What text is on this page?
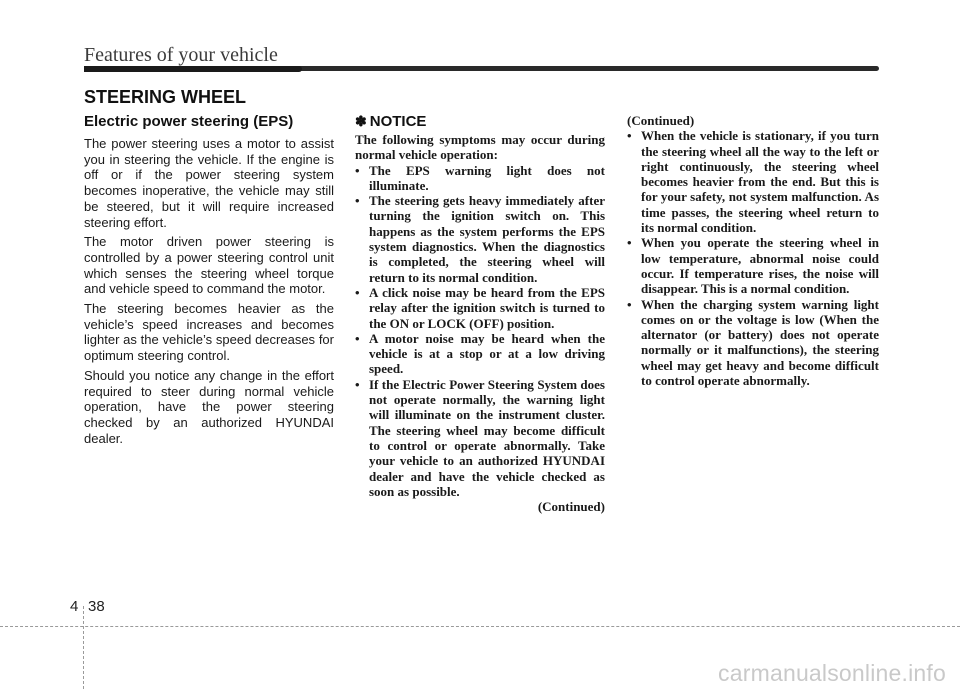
Features of your vehicle
STEERING WHEEL
Electric power steering (EPS)

The power steering uses a motor to assist you in steering the vehicle. If the engine is off or if the power steering system becomes inoperative, the vehicle may still be steered, but it will require increased steering effort.

The motor driven power steering is controlled by a power steering control unit which senses the steering wheel torque and vehicle speed to command the motor.

The steering becomes heavier as the vehicle’s speed increases and becomes lighter as the vehicle’s speed decreases for optimum steering control.

Should you notice any change in the effort required to steer during normal vehicle operation, have the power steering checked by an authorized HYUNDAI dealer.

✽ NOTICE

The following symptoms may occur during normal vehicle operation:

• The EPS warning light does not illuminate.
• The steering gets heavy immediately after turning the ignition switch on. This happens as the system performs the EPS system diagnostics. When the diagnostics is completed, the steering wheel will return to its normal condition.
• A click noise may be heard from the EPS relay after the ignition switch is turned to the ON or LOCK (OFF) position.
• A motor noise may be heard when the vehicle is at a stop or at a low driving speed.
• If the Electric Power Steering System does not operate normally, the warning light will illuminate on the instrument cluster. The steering wheel may become difficult to control or operate abnormally. Take your vehicle to an authorized HYUNDAI dealer and have the vehicle checked as soon as possible.
(Continued)

(Continued)

• When the vehicle is stationary, if you turn the steering wheel all the way to the left or right continuously, the steering wheel becomes heavier from the end. But this is for your safety, not system malfunction. As time passes, the steering wheel return to its normal condition.
• When you operate the steering wheel in low temperature, abnormal noise could occur. If temperature rises, the noise will disappear. This is a normal condition.
• When the charging system warning light comes on or the voltage is low (When the alternator (or battery) does not operate normally or it malfunctions), the steering wheel may get heavy and become difficult to control operate abnormally.
4 38
carmanualsonline.info
